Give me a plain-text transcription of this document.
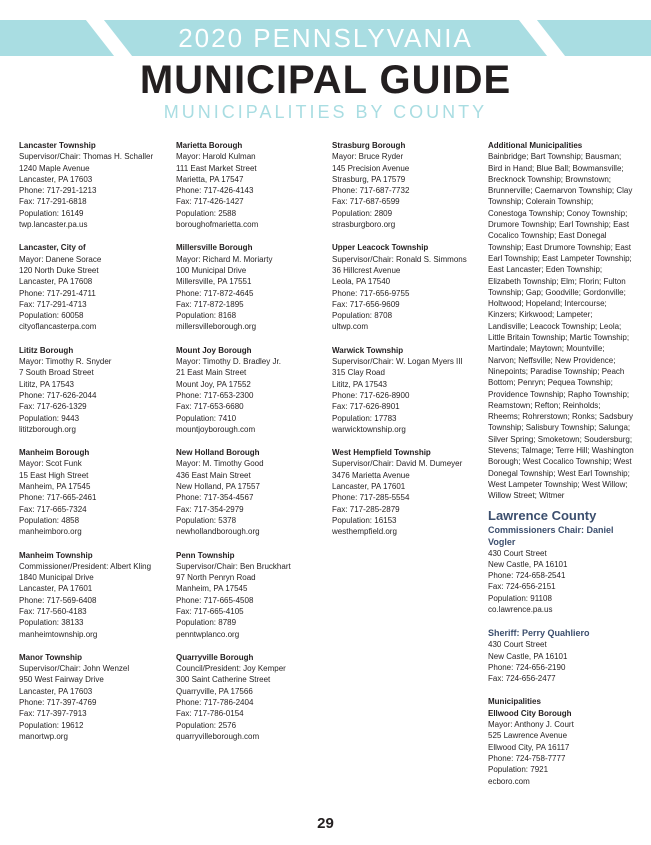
2020 PENNSLYVANIA
MUNICIPAL GUIDE
MUNICIPALITIES BY COUNTY
Lancaster Township
Supervisor/Chair: Thomas H. Schaller
1240 Maple Avenue
Lancaster, PA 17603
Phone: 717-291-1213
Fax: 717-291-6818
Population: 16149
twp.lancaster.pa.us
Lancaster, City of
Mayor: Danene Sorace
120 North Duke Street
Lancaster, PA 17608
Phone: 717-291-4711
Fax: 717-291-4713
Population: 60058
cityoflancasterpa.com
Lititz Borough
Mayor: Timothy R. Snyder
7 South Broad Street
Lititz, PA 17543
Phone: 717-626-2044
Fax: 717-626-1329
Population: 9443
lititzborough.org
Manheim Borough
Mayor: Scot Funk
15 East High Street
Manheim, PA 17545
Phone: 717-665-2461
Fax: 717-665-7324
Population: 4858
manheimboro.org
Manheim Township
Commissioner/President: Albert Kling
1840 Municipal Drive
Lancaster, PA 17601
Phone: 717-569-6408
Fax: 717-560-4183
Population: 38133
manheimtownship.org
Manor Township
Supervisor/Chair: John Wenzel
950 West Fairway Drive
Lancaster, PA 17603
Phone: 717-397-4769
Fax: 717-397-7913
Population: 19612
manortwp.org
Marietta Borough
Mayor: Harold Kulman
111 East Market Street
Marietta, PA 17547
Phone: 717-426-4143
Fax: 717-426-1427
Population: 2588
boroughofmarietta.com
Millersville Borough
Mayor: Richard M. Moriarty
100 Municipal Drive
Millersville, PA 17551
Phone: 717-872-4645
Fax: 717-872-1895
Population: 8168
millersvilleborough.org
Mount Joy Borough
Mayor: Timothy D. Bradley Jr.
21 East Main Street
Mount Joy, PA 17552
Phone: 717-653-2300
Fax: 717-653-6680
Population: 7410
mountjoyborough.com
New Holland Borough
Mayor: M. Timothy Good
436 East Main Street
New Holland, PA 17557
Phone: 717-354-4567
Fax: 717-354-2979
Population: 5378
newhollandborough.org
Penn Township
Supervisor/Chair: Ben Bruckhart
97 North Penryn Road
Manheim, PA 17545
Phone: 717-665-4508
Fax: 717-665-4105
Population: 8789
penntwplanco.org
Quarryville Borough
Council/President: Joy Kemper
300 Saint Catherine Street
Quarryville, PA 17566
Phone: 717-786-2404
Fax: 717-786-0154
Population: 2576
quarryvilleborough.com
Strasburg Borough
Mayor: Bruce Ryder
145 Precision Avenue
Strasburg, PA 17579
Phone: 717-687-7732
Fax: 717-687-6599
Population: 2809
strasburgboro.org
Upper Leacock Township
Supervisor/Chair: Ronald S. Simmons
36 Hillcrest Avenue
Leola, PA 17540
Phone: 717-656-9755
Fax: 717-656-9609
Population: 8708
ultwp.com
Warwick Township
Supervisor/Chair: W. Logan Myers III
315 Clay Road
Lititz, PA 17543
Phone: 717-626-8900
Fax: 717-626-8901
Population: 17783
warwicktownship.org
West Hempfield Township
Supervisor/Chair: David M. Dumeyer
3476 Marietta Avenue
Lancaster, PA 17601
Phone: 717-285-5554
Fax: 717-285-2879
Population: 16153
westhempfield.org
Additional Municipalities
Bainbridge; Bart Township; Bausman; Bird in Hand; Blue Ball; Bowmansville; Brecknock Township; Brownstown; Brunnerville; Caernarvon Township; Clay Township; Colerain Township; Conestoga Township; Conoy Township; Drumore Township; Earl Township; East Cocalico Township; East Donegal Township; East Drumore Township; East Earl Township; East Lampeter Township; East Lancaster; Eden Township; Elizabeth Township; Elm; Florin; Fulton Township; Gap; Goodville; Gordonville; Holtwood; Hopeland; Intercourse; Kinzers; Kirkwood; Lampeter; Landisville; Leacock Township; Leola; Little Britain Township; Martic Township; Martindale; Maytown; Mountville; Narvon; Neffsville; New Providence; Ninepoints; Paradise Township; Peach Bottom; Penryn; Pequea Township; Providence Township; Rapho Township; Reamstown; Refton; Reinholds; Rheems; Rohrerstown; Ronks; Sadsbury Township; Salisbury Township; Salunga; Silver Spring; Smoketown; Soudersburg; Stevens; Talmage; Terre Hill; Washington Borough; West Cocalico Township; West Donegal Township; West Earl Township; West Lampeter Township; West Willow; Willow Street; Witmer
Lawrence County
Commissioners Chair: Daniel Vogler
430 Court Street
New Castle, PA 16101
Phone: 724-658-2541
Fax: 724-656-2151
Population: 91108
co.lawrence.pa.us
Sheriff: Perry Quahliero
430 Court Street
New Castle, PA 16101
Phone: 724-656-2190
Fax: 724-656-2477
Municipalities
Ellwood City Borough
Mayor: Anthony J. Court
525 Lawrence Avenue
Ellwood City, PA 16117
Phone: 724-758-7777
Population: 7921
ecboro.com
29
